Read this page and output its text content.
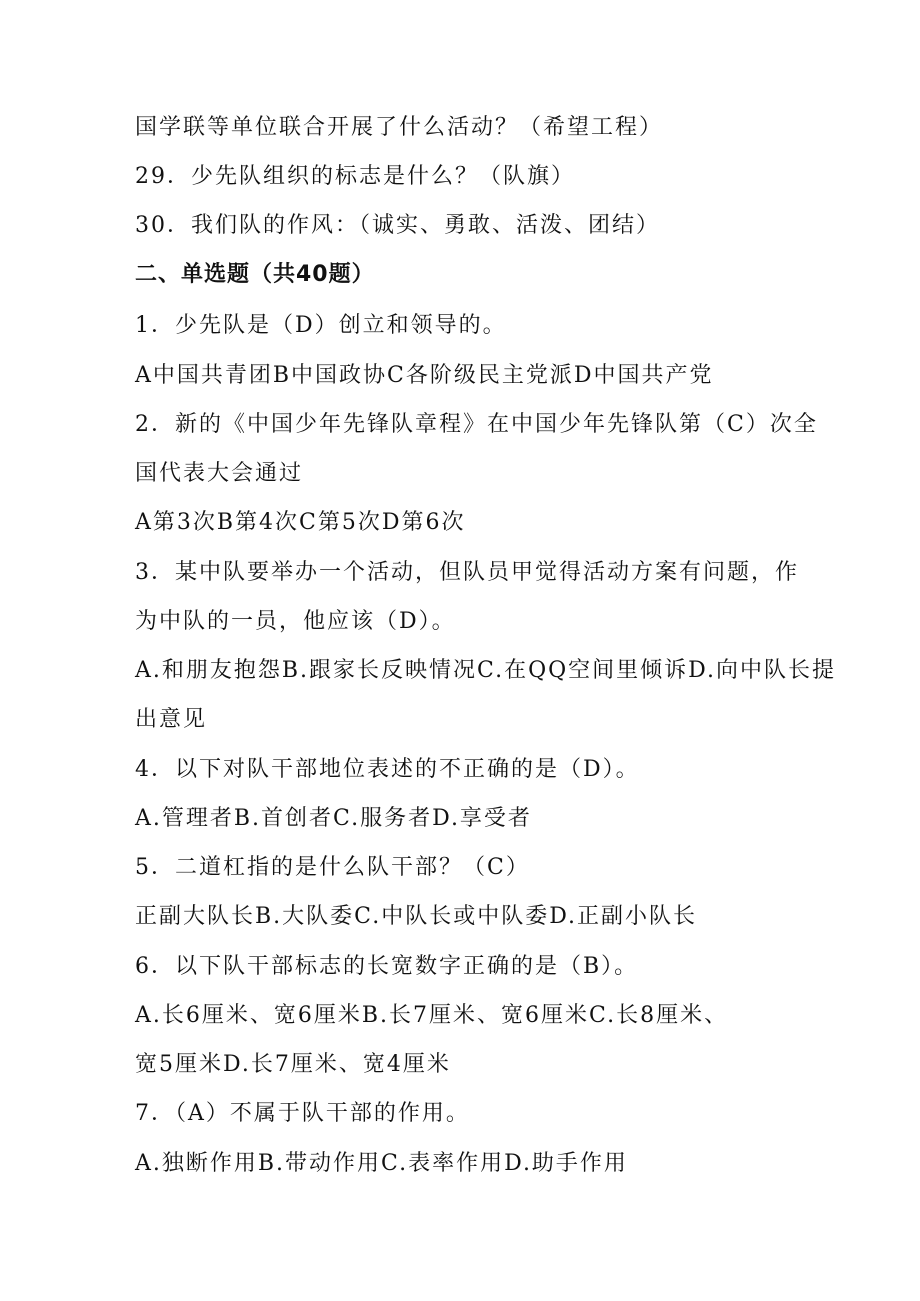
国学联等单位联合开展了什么活动？（希望工程）
29．少先队组织的标志是什么？（队旗）
30．我们队的作风：（诚实、勇敢、活泼、团结）
二、单选题（共40题）
1．少先队是（D）创立和领导的。
A中国共青团B中国政协C各阶级民主党派D中国共产党
2．新的《中国少年先锋队章程》在中国少年先锋队第（C）次全
国代表大会通过
A第3次B第4次C第5次D第6次
3．某中队要举办一个活动，但队员甲觉得活动方案有问题，作
为中队的一员，他应该（D）。
A.和朋友抱怨B.跟家长反映情况C.在QQ空间里倾诉D.向中队长提
出意见
4．以下对队干部地位表述的不正确的是（D）。
A.管理者B.首创者C.服务者D.享受者
5．二道杠指的是什么队干部？（C）
正副大队长B.大队委C.中队长或中队委D.正副小队长
6．以下队干部标志的长宽数字正确的是（B）。
A.长6厘米、宽6厘米B.长7厘米、宽6厘米C.长8厘米、
宽5厘米D.长7厘米、宽4厘米
7．（A）不属于队干部的作用。
A.独断作用B.带动作用C.表率作用D.助手作用
